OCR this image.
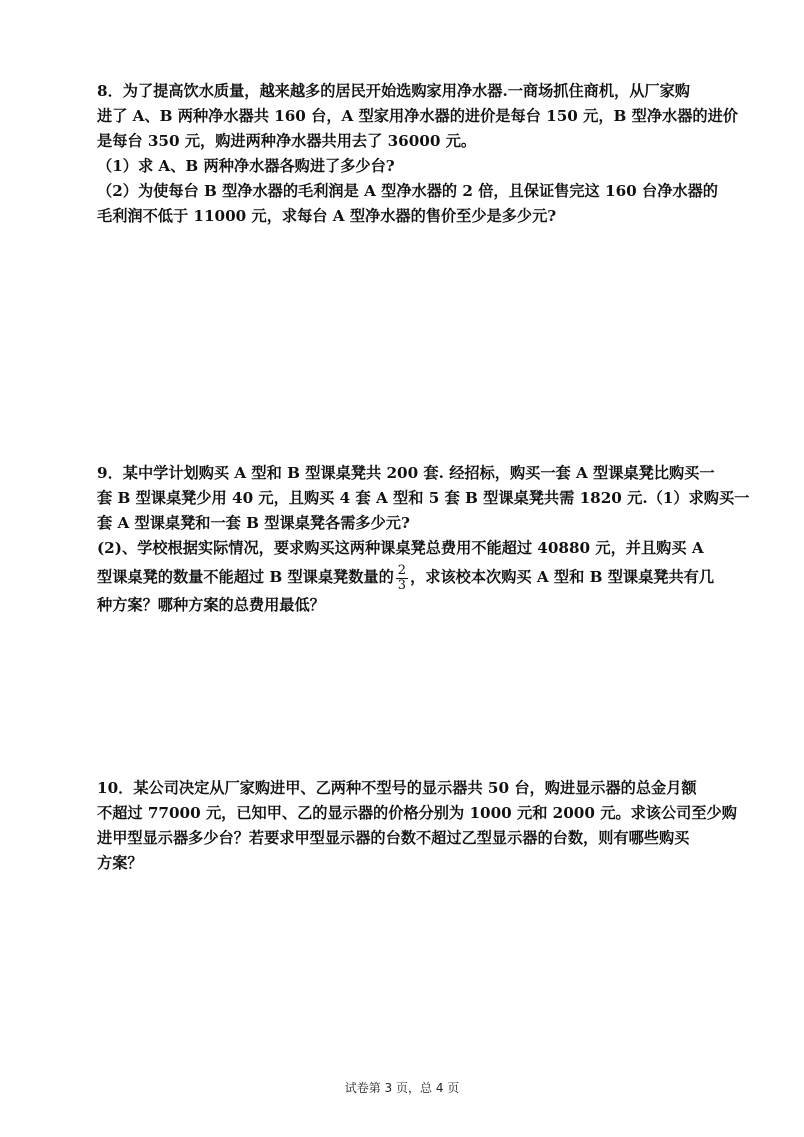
8．为了提高饮水质量，越来越多的居民开始选购家用净水器.一商场抓住商机，从厂家购
进了 A、B 两种净水器共 160 台，A 型家用净水器的进价是每台 150 元，B 型净水器的进价
是每台 350 元，购进两种净水器共用去了 36000 元。
（1）求 A、B 两种净水器各购进了多少台?
（2）为使每台 B 型净水器的毛利润是 A 型净水器的 2 倍，且保证售完这 160 台净水器的
毛利润不低于 11000 元，求每台 A 型净水器的售价至少是多少元?
9．某中学计划购买 A 型和 B 型课桌凳共 200 套. 经招标，购买一套 A 型课桌凳比购买一
套 B 型课桌凳少用 40 元，且购买 4 套 A 型和 5 套 B 型课桌凳共需 1820 元.（1）求购买一
套 A 型课桌凳和一套 B 型课桌凳各需多少元?
(2)、学校根据实际情况，要求购买这两种课桌凳总费用不能超过 40880 元，并且购买 A
型课桌凳的数量不能超过 B 型课桌凳数量的 $\frac{2}{3}$ ，求该校本次购买 A 型和 B 型课桌凳共有几
种方案？哪种方案的总费用最低？
10．某公司决定从厂家购进甲、乙两种不型号的显示器共 50 台，购进显示器的总金月额
不超过 77000 元，已知甲、乙的显示器的价格分别为 1000 元和 2000 元。求该公司至少购
进甲型显示器多少台？若要求甲型显示器的台数不超过乙型显示器的台数，则有哪些购买
方案？
试卷第 3 页，总 4 页
